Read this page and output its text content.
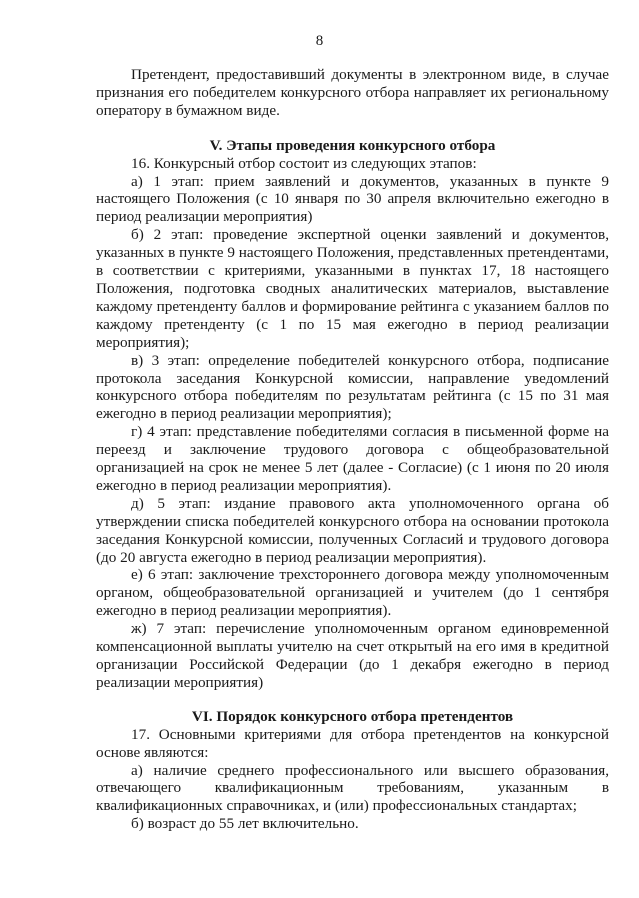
8

Претендент, предоставивший документы в электронном виде, в случае признания его победителем конкурсного отбора направляет их региональному оператору в бумажном виде.

V. Этапы проведения конкурсного отбора

16. Конкурсный отбор состоит из следующих этапов:

а) 1 этап: прием заявлений и документов, указанных в пункте 9 настоящего Положения (с 10 января по 30 апреля включительно ежегодно в период реализации мероприятия)

б) 2 этап: проведение экспертной оценки заявлений и документов, указанных в пункте 9 настоящего Положения, представленных претендентами, в соответствии с критериями, указанными в пунктах 17, 18 настоящего Положения, подготовка сводных аналитических материалов, выставление каждому претенденту баллов и формирование рейтинга с указанием баллов по каждому претенденту (с 1 по 15 мая ежегодно в период реализации мероприятия);

в) 3 этап: определение победителей конкурсного отбора, подписание протокола заседания Конкурсной комиссии, направление уведомлений конкурсного отбора победителям по результатам рейтинга (с 15 по 31 мая ежегодно в период реализации мероприятия);

г) 4 этап: представление победителями согласия в письменной форме на переезд и заключение трудового договора с общеобразовательной организацией на срок не менее 5 лет (далее - Согласие) (с 1 июня по 20 июля ежегодно в период реализации мероприятия).

д) 5 этап: издание правового акта уполномоченного органа об утверждении списка победителей конкурсного отбора на основании протокола заседания Конкурсной комиссии, полученных Согласий и трудового договора (до 20 августа ежегодно в период реализации мероприятия).

е) 6 этап: заключение трехстороннего договора между уполномоченным органом, общеобразовательной организацией и учителем (до 1 сентября ежегодно в период реализации мероприятия).

ж) 7 этап: перечисление уполномоченным органом единовременной компенсационной выплаты учителю на счет открытый на его имя в кредитной организации Российской Федерации (до 1 декабря ежегодно в период реализации мероприятия)

VI. Порядок конкурсного отбора претендентов

17. Основными критериями для отбора претендентов на конкурсной основе являются:

а) наличие среднего профессионального или высшего образования, отвечающего квалификационным требованиям, указанным в квалификационных справочниках, и (или) профессиональных стандартах;

б) возраст до 55 лет включительно.
